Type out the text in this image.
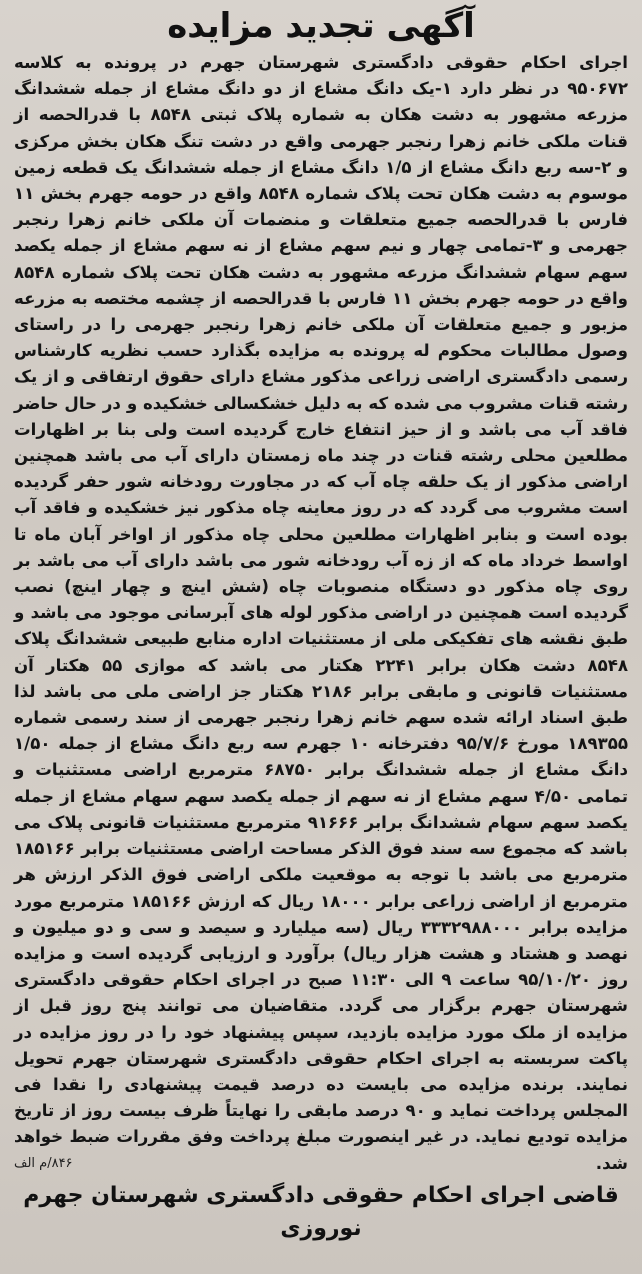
آگهی تجدید مزایده

اجرای احکام حقوقی دادگستری شهرستان جهرم در پرونده به کلاسه ۹۵۰۶۷۲ در نظر دارد ۱-یک دانگ مشاع از دو دانگ مشاع از جمله ششدانگ مزرعه مشهور به دشت هکان به شماره پلاک ثبتی ۸۵۴۸ با قدرالحصه از قنات ملکی خانم زهرا رنجبر جهرمی واقع در دشت تنگ هکان بخش مرکزی و ۲-سه ربع دانگ مشاع از ۱/۵ دانگ مشاع از جمله ششدانگ یک قطعه زمین موسوم به دشت هکان تحت پلاک شماره ۸۵۴۸ واقع در حومه جهرم بخش ۱۱ فارس با قدرالحصه جمیع متعلقات و منضمات آن ملکی خانم زهرا رنجبر جهرمی و ۳-تمامی چهار و نیم سهم مشاع از نه سهم مشاع از جمله یکصد سهم سهام ششدانگ مزرعه مشهور به دشت هکان تحت پلاک شماره ۸۵۴۸ واقع در حومه جهرم بخش ۱۱ فارس با قدرالحصه از چشمه مختصه به مزرعه مزبور و جمیع متعلقات آن ملکی خانم زهرا رنجبر جهرمی را در راستای وصول مطالبات محکوم له پرونده به مزایده بگذارد حسب نظریه کارشناس رسمی دادگستری اراضی زراعی مذکور مشاع دارای حقوق ارتفاقی و از یک رشته قنات مشروب می شده که به دلیل خشکسالی خشکیده و در حال حاضر فاقد آب می باشد و از حیز انتفاع خارج گردیده است ولی بنا بر اظهارات مطلعین محلی رشته قنات در چند ماه زمستان دارای آب می باشد همچنین اراضی مذکور از یک حلقه چاه آب که در مجاورت رودخانه شور حفر گردیده است مشروب می گردد که در روز معاینه چاه مذکور نیز خشکیده و فاقد آب بوده است و بنابر اظهارات مطلعین محلی چاه مذکور از اواخر آبان ماه تا اواسط خرداد ماه که از زه آب رودخانه شور می باشد دارای آب می باشد بر روی چاه مذکور دو دستگاه منصوبات چاه (شش اینچ و چهار اینچ) نصب گردیده است همچنین در اراضی مذکور لوله های آبرسانی موجود می باشد و طبق نقشه های تفکیکی ملی از مستثنیات اداره منابع طبیعی ششدانگ پلاک ۸۵۴۸ دشت هکان برابر ۲۲۴۱ هکتار می باشد که موازی ۵۵ هکتار آن مستثنیات قانونی و مابقی برابر ۲۱۸۶ هکتار جز اراضی ملی می باشد لذا طبق اسناد ارائه شده سهم خانم زهرا رنجبر جهرمی از سند رسمی شماره ۱۸۹۳۵۵ مورخ ۹۵/۷/۶ دفترخانه ۱۰ جهرم سه ربع دانگ مشاع از جمله ۱/۵۰ دانگ مشاع از جمله ششدانگ برابر ۶۸۷۵۰ مترمربع اراضی مستثنیات و تمامی ۴/۵۰ سهم مشاع از نه سهم از جمله یکصد سهم سهام مشاع از جمله یکصد سهم سهام ششدانگ برابر ۹۱۶۶۶ مترمربع مستثنیات قانونی پلاک می باشد که مجموع سه سند فوق الذکر مساحت اراضی مستثنیات برابر ۱۸۵۱۶۶ مترمربع می باشد با توجه به موقعیت ملکی اراضی فوق الذکر ارزش هر مترمربع از اراضی زراعی برابر ۱۸۰۰۰ ریال که ارزش ۱۸۵۱۶۶ مترمربع مورد مزایده برابر ۳۳۳۲۹۸۸۰۰۰ ریال (سه میلیارد و سیصد و سی و دو میلیون و نهصد و هشتاد و هشت هزار ریال) برآورد و ارزیابی گردیده است و مزایده روز ۹۵/۱۰/۲۰ ساعت ۹ الی ۱۱:۳۰ صبح در اجرای احکام حقوقی دادگستری شهرستان جهرم برگزار می گردد. متقاضیان می توانند پنج روز قبل از مزایده از ملک مورد مزایده بازدید، سپس پیشنهاد خود را در روز مزایده در پاکت سربسته به اجرای احکام حقوقی دادگستری شهرستان جهرم تحویل نمایند. برنده مزایده می بایست ده درصد قیمت پیشنهادی را نقدا فی المجلس پرداخت نماید و ۹۰ درصد مابقی را نهایتاً ظرف بیست روز از تاریخ مزایده تودیع نماید. در غیر اینصورت مبلغ پرداخت وفق مقررات ضبط خواهد شد.

۸۴۶/م الف
قاضی اجرای احکام حقوقی دادگستری شهرستان جهرم
نوروزی
